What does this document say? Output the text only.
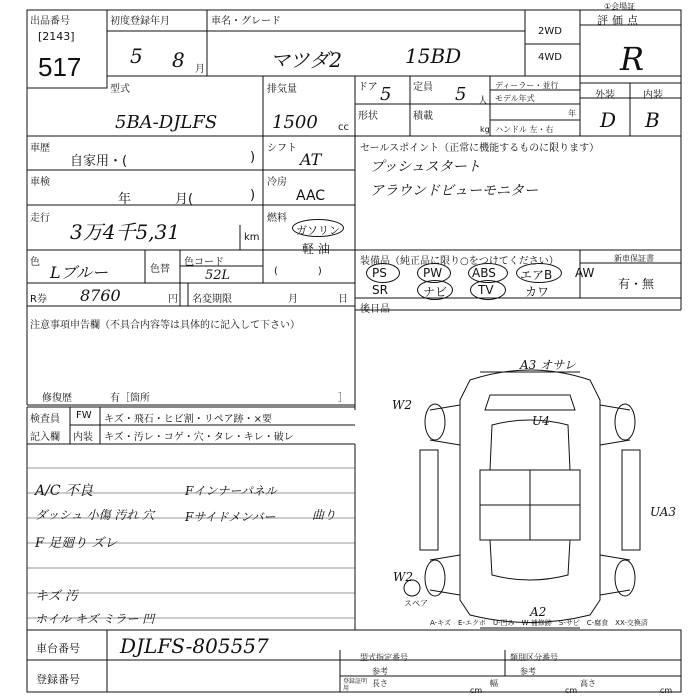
出品番号
[2143]
517
初度登録年月
5 8 月
車名・グレード
マツダ2	15BD
2WD
4WD
評価点
①会場証
R
型式
5BA-DJLFS
排気量
1500 cc
ドア 5 定員 5 人
形状	積載
kg
ディーラー・並行
モデル年式
年
ハンドル 左・右
外装	内装
D B
車歴
自家用・(	)
車検
年	月(	)
走行
3万4千5,31	km
色
Lブルー	色替
色コード
52L
R券 8760	円 名変期限	月	日
シフト
AT
冷房
AAC
燃料
ガソリン
軽 油
(　　　　)
セールスポイント（正常に機能するものに限ります）
プッシュスタート
アラウンドビューモニター
装備品（純正品に限り○をつけてください）
PS	PW ABS エアB AW
SR	ナビ	TV	カワ
新車保証書
有・無
後日品
注意事項申告欄（不具合内容等は具体的に記入して下さい）
修復歴	有［箇所	］
検査員
記入欄
FW キズ・飛石・ヒビ割・リペア跡・×要
内装 キズ・汚レ・コゲ・穴・タレ・キレ・破レ
A/C 不良
ダッシュ 小傷 汚れ 穴
F 足廻り ズレ
キズ 汚
ホイル キズ ミラー 凹
Fインナーパネル
Fサイドメンバー	曲り
A3 オサレ
U4
W2
UA3
W2
A2
スペア
A-キズ　E-エクボ　U-凹み　W-補修跡　S-サビ　C-腐食　XX-交換済
車台番号 DJLFS-805557
登録番号
型式指定番号
参考
類別区分番号
参考
登録証明用
長さ
cm
幅
cm
高さ
cm
